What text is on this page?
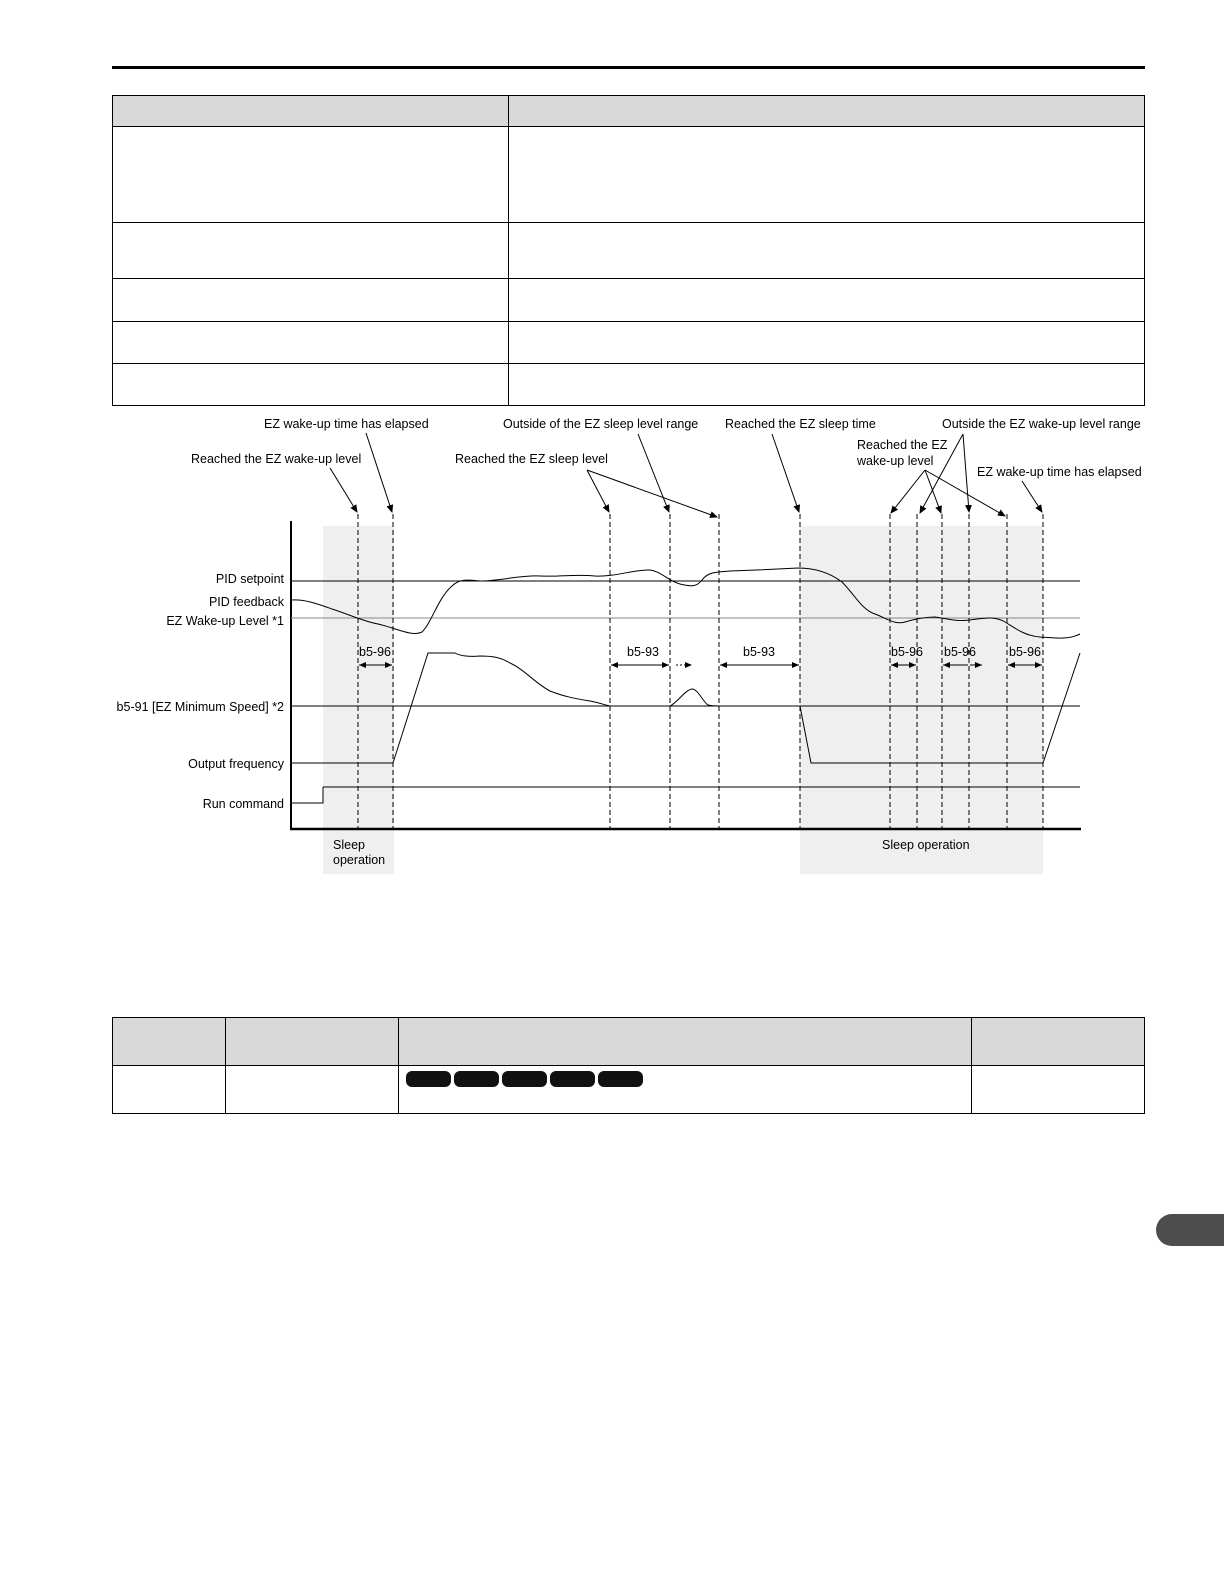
EZ wake-up time has elapsed
Reached the EZ wake-up level
Outside of the EZ sleep level range
Reached the EZ sleep level
Reached the EZ sleep time	Outside the EZ wake-up level range
Reached the EZ
wake-up level
EZ wake-up time has elapsed
PID setpoint
PID feedback
EZ Wake-up Level *1
b5-91 [EZ Minimum Speed] *2
Output frequency
Run command
Sleep
operation
Sleep operation
b5-96	b5-93	b5-93	b5-96 b5-96	b5-96
